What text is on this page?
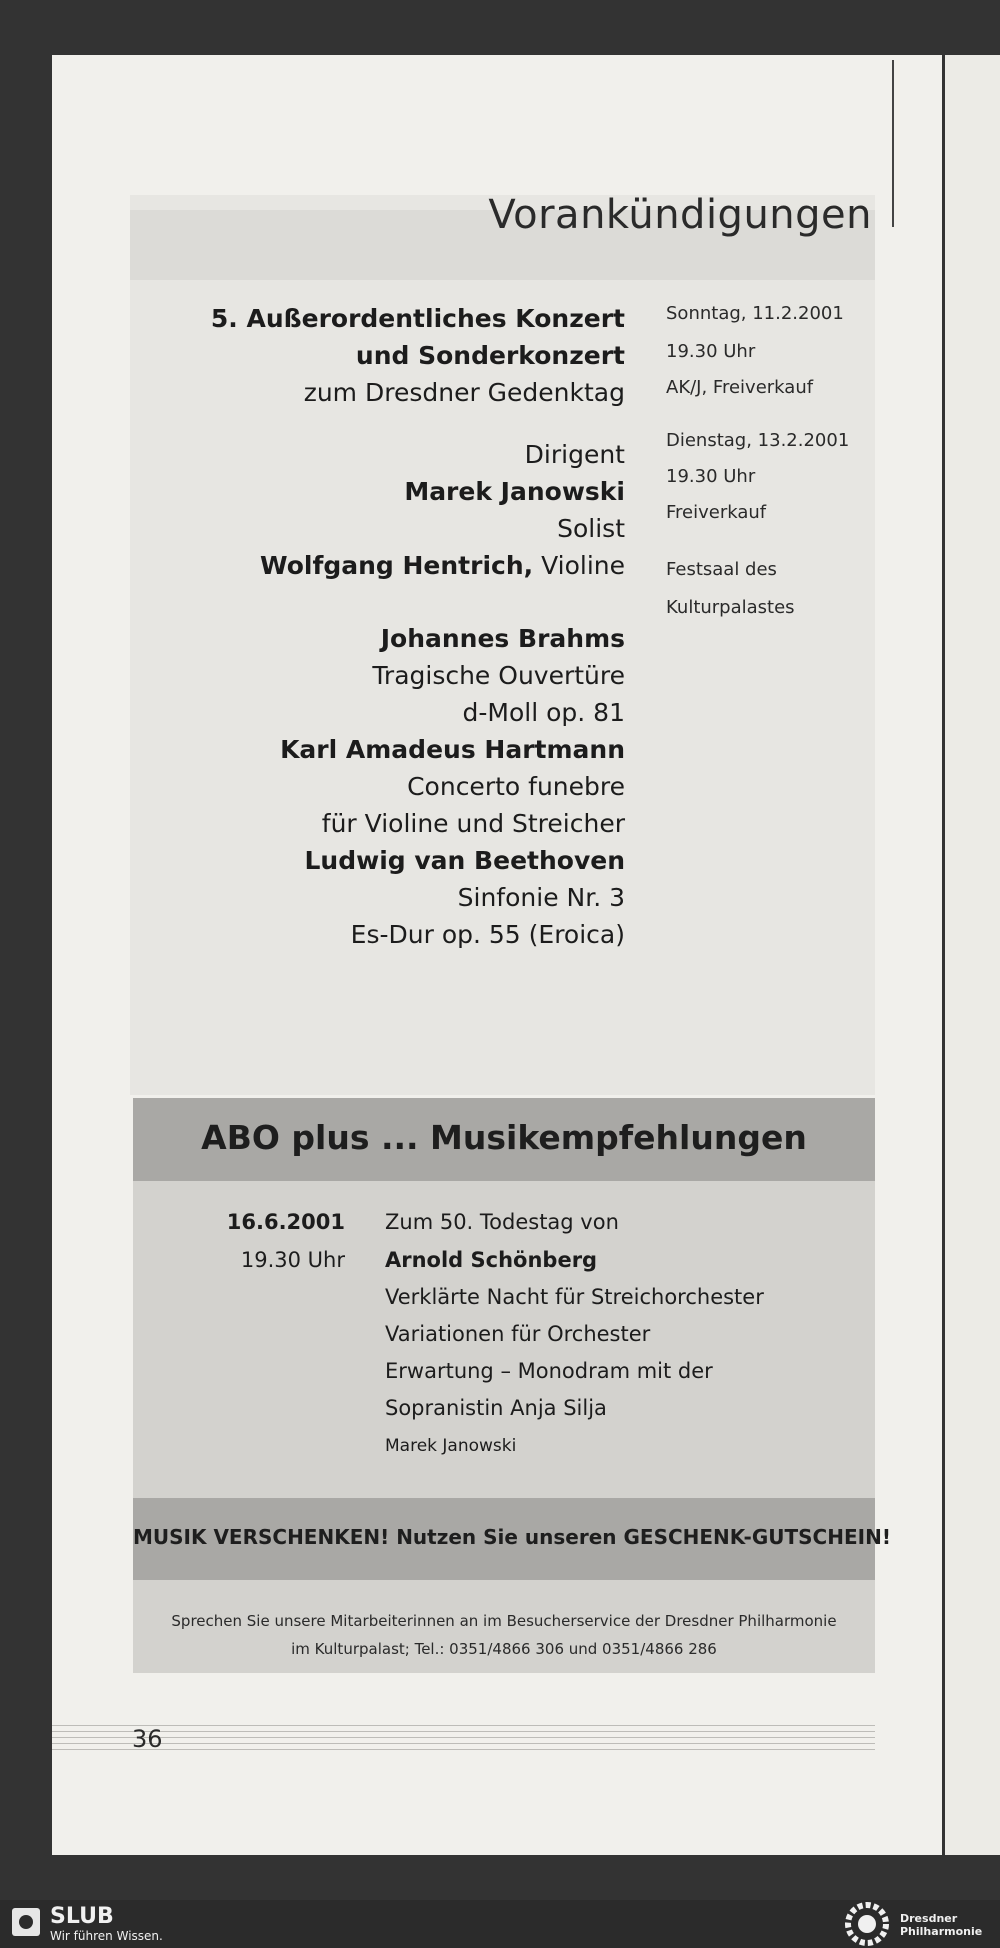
Vorankündigungen
5. Außerordentliches Konzert
und Sonderkonzert
zum Dresdner Gedenktag
Dirigent
Marek Janowski
Solist
Wolfgang Hentrich, Violine
Johannes Brahms
Tragische Ouvertüre
d-Moll op. 81
Karl Amadeus Hartmann
Concerto funebre
für Violine und Streicher
Ludwig van Beethoven
Sinfonie Nr. 3
Es-Dur op. 55 (Eroica)
Sonntag, 11.2.2001
19.30 Uhr
AK/J, Freiverkauf
Dienstag, 13.2.2001
19.30 Uhr
Freiverkauf
Festsaal des
Kulturpalastes
ABO plus ... Musikempfehlungen
16.6.2001
19.30 Uhr
Zum 50. Todestag von
Arnold Schönberg
Verklärte Nacht für Streichorchester
Variationen für Orchester
Erwartung – Monodram mit der
Sopranistin Anja Silja
Marek Janowski
MUSIK VERSCHENKEN! Nutzen Sie unseren GESCHENK-GUTSCHEIN!
Sprechen Sie unsere Mitarbeiterinnen an im Besucherservice der Dresdner Philharmonie
im Kulturpalast; Tel.: 0351/4866 306 und 0351/4866 286
36
SLUB
Wir führen Wissen.
Dresdner Philharmonie
